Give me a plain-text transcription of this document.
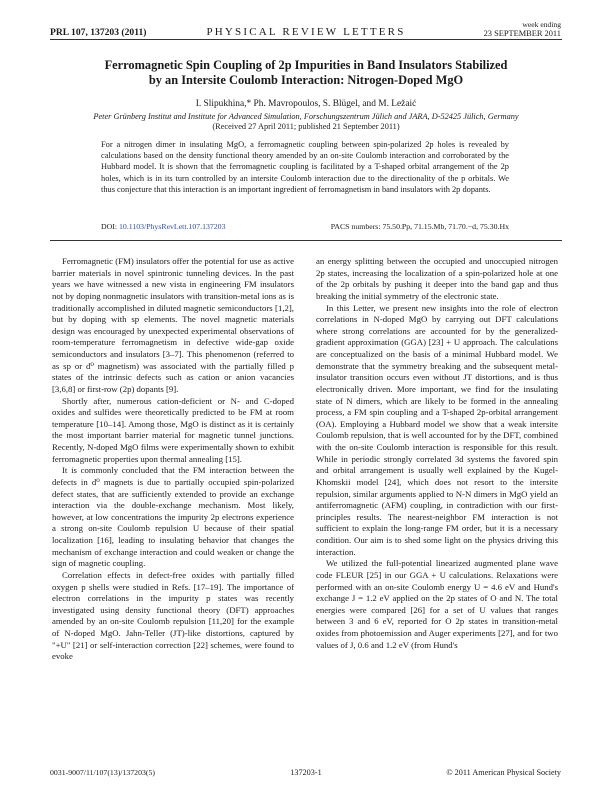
PRL 107, 137203 (2011)	PHYSICAL REVIEW LETTERS
week ending
23 SEPTEMBER 2011
Ferromagnetic Spin Coupling of 2p Impurities in Band Insulators Stabilized
by an Intersite Coulomb Interaction: Nitrogen-Doped MgO
I. Slipukhina,* Ph. Mavropoulos, S. Blügel, and M. Ležaić
Peter Grünberg Institut and Institute for Advanced Simulation, Forschungszentrum Jülich and JARA, D-52425 Jülich, Germany
(Received 27 April 2011; published 21 September 2011)
For a nitrogen dimer in insulating MgO, a ferromagnetic coupling between spin-polarized 2p holes is revealed by calculations based on the density functional theory amended by an on-site Coulomb interaction and corroborated by the Hubbard model. It is shown that the ferromagnetic coupling is facilitated by a T-shaped orbital arrangement of the 2p holes, which is in its turn controlled by an intersite Coulomb interaction due to the directionality of the p orbitals. We thus conjecture that this interaction is an important ingredient of ferromagnetism in band insulators with 2p dopants.
DOI: 10.1103/PhysRevLett.107.137203	PACS numbers: 75.50.Pp, 71.15.Mb, 71.70.−d, 75.30.Hx

Ferromagnetic (FM) insulators offer the potential for use as active barrier materials in novel spintronic tunneling devices. In the past years we have witnessed a new vista in engineering FM insulators not by doping nonmagnetic insulators with transition-metal ions as is traditionally accomplished in diluted magnetic semiconductors [1,2], but by doping with sp elements. The novel magnetic materials design was encouraged by unexpected experimental observations of room-temperature ferromagnetism in defective wide-gap oxide semiconductors and insulators [3–7]. This phenomenon (referred to as sp or d⁰ magnetism) was associated with the partially filled p states of the intrinsic defects such as cation or anion vacancies [3,6,8] or first-row (2p) dopants [9].

Shortly after, numerous cation-deficient or N- and C-doped oxides and sulfides were theoretically predicted to be FM at room temperature [10–14]. Among those, MgO is distinct as it is certainly the most important barrier material for magnetic tunnel junctions. Recently, N-doped MgO films were experimentally shown to exhibit ferromagnetic properties upon thermal annealing [15].

It is commonly concluded that the FM interaction between the defects in d⁰ magnets is due to partially occupied spin-polarized defect states, that are sufficiently extended to provide an exchange interaction via the double-exchange mechanism. Most likely, however, at low concentrations the impurity 2p electrons experience a strong on-site Coulomb repulsion U because of their spatial localization [16], leading to insulating behavior that changes the mechanism of exchange interaction and could weaken or change the sign of magnetic coupling.

Correlation effects in defect-free oxides with partially filled oxygen p shells were studied in Refs. [17–19]. The importance of electron correlations in the impurity p states was recently investigated using density functional theory (DFT) approaches amended by an on-site Coulomb repulsion [11,20] for the example of N-doped MgO. Jahn-Teller (JT)-like distortions, captured by "+U" [21] or self-interaction correction [22] schemes, were found to evoke

an energy splitting between the occupied and unoccupied nitrogen 2p states, increasing the localization of a spin-polarized hole at one of the 2p orbitals by pushing it deeper into the band gap and thus breaking the initial symmetry of the electronic state.

In this Letter, we present new insights into the role of electron correlations in N-doped MgO by carrying out DFT calculations where strong correlations are accounted for by the generalized-gradient approximation (GGA) [23] + U approach. The calculations are conceptualized on the basis of a minimal Hubbard model. We demonstrate that the symmetry breaking and the subsequent metal-insulator transition occurs even without JT distortions, and is thus electronically driven. More important, we find for the insulating state of N dimers, which are likely to be formed in the annealing process, a FM spin coupling and a T-shaped 2p-orbital arrangement (OA). Employing a Hubbard model we show that a weak intersite Coulomb repulsion, that is well accounted for by the DFT, combined with the on-site Coulomb interaction is responsible for this result. While in periodic strongly correlated 3d systems the favored spin and orbital arrangement is usually well explained by the Kugel-Khomskii model [24], which does not resort to the intersite repulsion, similar arguments applied to N-N dimers in MgO yield an antiferromagnetic (AFM) coupling, in contradiction with our first-principles results. The nearest-neighbor FM interaction is not sufficient to explain the long-range FM order, but it is a necessary condition. Our aim is to shed some light on the physics driving this interaction.

We utilized the full-potential linearized augmented plane wave code FLEUR [25] in our GGA + U calculations. Relaxations were performed with an on-site Coulomb energy U = 4.6 eV and Hund's exchange J = 1.2 eV applied on the 2p states of O and N. The total energies were compared [26] for a set of U values that ranges between 3 and 6 eV, reported for O 2p states in transition-metal oxides from photoemission and Auger experiments [27], and for two values of J, 0.6 and 1.2 eV (from Hund's

0031-9007/11/107(13)/137203(5)	137203-1	© 2011 American Physical Society
